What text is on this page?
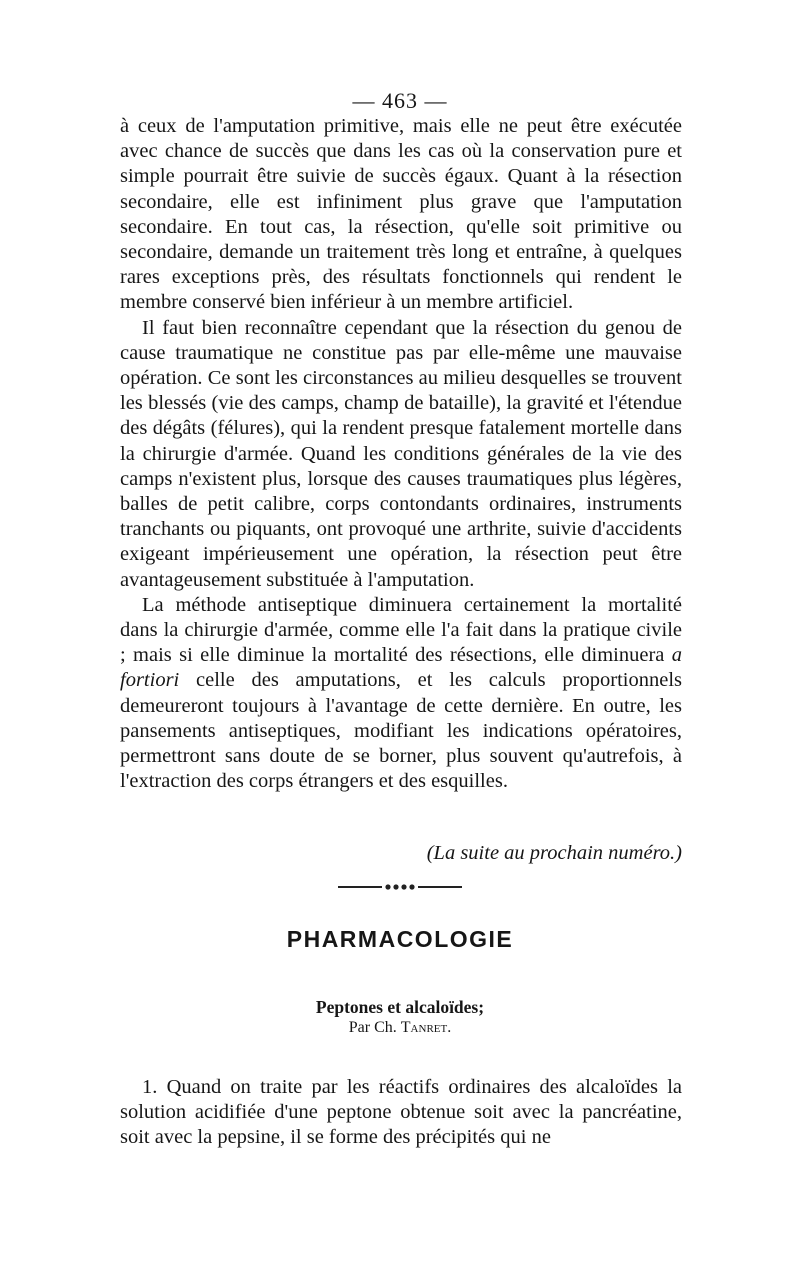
— 463 —

à ceux de l'amputation primitive, mais elle ne peut être exécutée avec chance de succès que dans les cas où la conservation pure et simple pourrait être suivie de succès égaux. Quant à la résection secondaire, elle est infiniment plus grave que l'amputation secondaire. En tout cas, la résection, qu'elle soit primitive ou secondaire, demande un traitement très long et entraîne, à quelques rares exceptions près, des résultats fonctionnels qui rendent le membre conservé bien inférieur à un membre artificiel.

Il faut bien reconnaître cependant que la résection du genou de cause traumatique ne constitue pas par elle-même une mauvaise opération. Ce sont les circonstances au milieu desquelles se trouvent les blessés (vie des camps, champ de bataille), la gravité et l'étendue des dégâts (félures), qui la rendent presque fatalement mortelle dans la chirurgie d'armée. Quand les conditions générales de la vie des camps n'existent plus, lorsque des causes traumatiques plus légères, balles de petit calibre, corps contondants ordinaires, instruments tranchants ou piquants, ont provoqué une arthrite, suivie d'accidents exigeant impérieusement une opération, la résection peut être avantageusement substituée à l'amputation.

La méthode antiseptique diminuera certainement la mortalité dans la chirurgie d'armée, comme elle l'a fait dans la pratique civile ; mais si elle diminue la mortalité des résections, elle diminuera a fortiori celle des amputations, et les calculs proportionnels demeureront toujours à l'avantage de cette dernière. En outre, les pansements antiseptiques, modifiant les indications opératoires, permettront sans doute de se borner, plus souvent qu'autrefois, à l'extraction des corps étrangers et des esquilles.

(La suite au prochain numéro.)
PHARMACOLOGIE
Peptones et alcaloïdes;
Par Ch. Tanret.

1. Quand on traite par les réactifs ordinaires des alcaloïdes la solution acidifiée d'une peptone obtenue soit avec la pancréatine, soit avec la pepsine, il se forme des précipités qui ne
